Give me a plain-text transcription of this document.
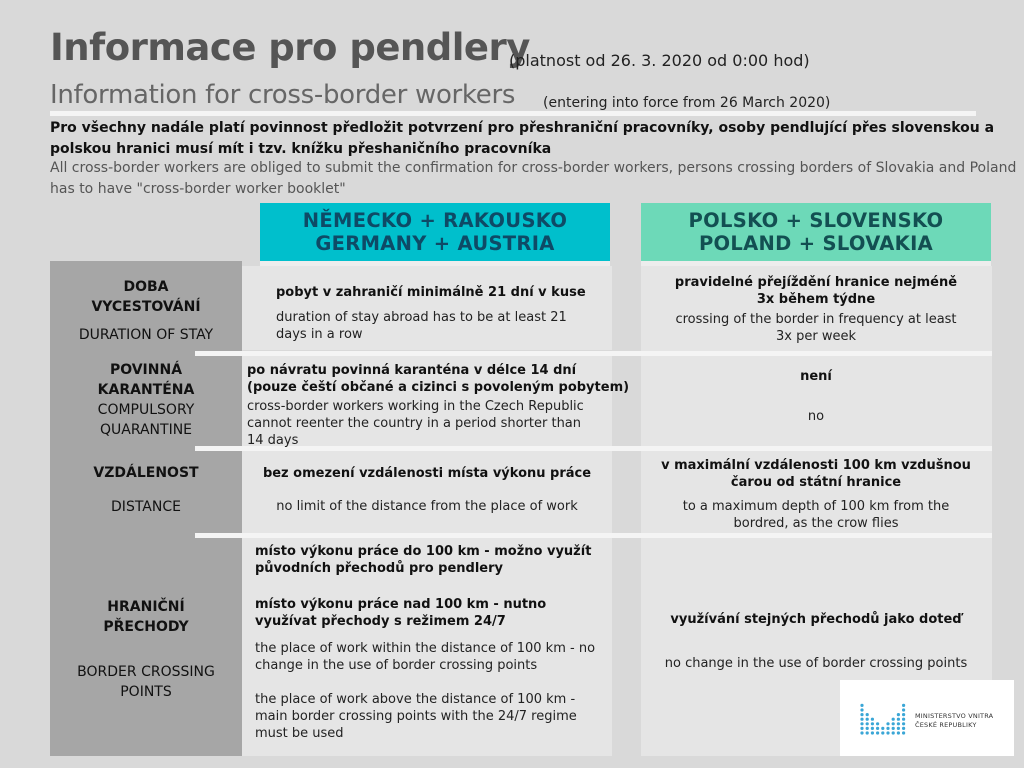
Informace pro pendlery
(platnost od 26. 3. 2020 od 0:00 hod)
Information for cross-border workers (entering into force from 26 March 2020)
Pro všechny nadále platí povinnost předložit potvrzení pro přeshraniční pracovníky, osoby pendlující přes slovenskou a polskou hranici musí mít i tzv. knížku přeshaničního pracovníka
All cross-border workers are obliged to submit the confirmation for cross-border workers, persons crossing borders of Slovakia and Poland has to have "cross-border worker booklet"
NĚMECKO + RAKOUSKO
GERMANY + AUSTRIA
POLSKO + SLOVENSKO
POLAND + SLOVAKIA
DOBA
VYCESTOVÁNÍ
DURATION OF STAY
pobyt v zahraničí minimálně 21 dní v kuse
duration of stay abroad has to be at least 21
days in a row
pravidelné přejíždění hranice nejméně
3x během týdne
crossing of the border in frequency at least
3x per week
POVINNÁ
KARANTÉNA
COMPULSORY
QUARANTINE
po návratu povinná karanténa v délce 14 dní
(pouze čeští občané a cizinci s povoleným pobytem)
cross-border workers working in the Czech Republic
cannot reenter the country in a period shorter than
14 days
není
no
VZDÁLENOST
DISTANCE
bez omezení vzdálenosti místa výkonu práce
no limit of the distance from the place of work
v maximální vzdálenosti 100 km vzdušnou
čarou od státní hranice
to a maximum depth of 100 km from the
bordred, as the crow flies
HRANIČNÍ
PŘECHODY
BORDER CROSSING
POINTS
místo výkonu práce do 100 km - možno využít
původních přechodů pro pendlery
místo výkonu práce nad 100 km - nutno
využívat přechody s režimem 24/7
the place of work within the distance of 100 km - no
change in the use of border crossing points
the place of work above the distance of 100 km -
main border crossing points with the 24/7 regime
must be used
využívání stejných přechodů jako doteď
no change in the use of border crossing points
MINISTERSTVO VNITRA
ČESKÉ REPUBLIKY
